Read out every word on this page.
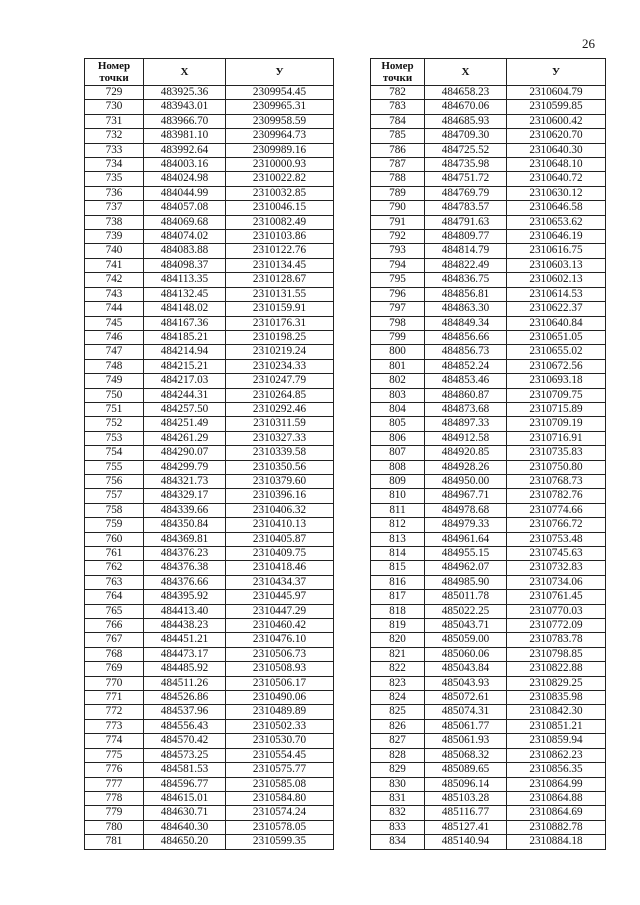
26
Номер
точки	X	У
729	483925.36	2309954.45
730	483943.01	2309965.31
731	483966.70	2309958.59
732	483981.10	2309964.73
733	483992.64	2309989.16
734	484003.16	2310000.93
735	484024.98	2310022.82
736	484044.99	2310032.85
737	484057.08	2310046.15
738	484069.68	2310082.49
739	484074.02	2310103.86
740	484083.88	2310122.76
741	484098.37	2310134.45
742	484113.35	2310128.67
743	484132.45	2310131.55
744	484148.02	2310159.91
745	484167.36	2310176.31
746	484185.21	2310198.25
747	484214.94	2310219.24
748	484215.21	2310234.33
749	484217.03	2310247.79
750	484244.31	2310264.85
751	484257.50	2310292.46
752	484251.49	2310311.59
753	484261.29	2310327.33
754	484290.07	2310339.58
755	484299.79	2310350.56
756	484321.73	2310379.60
757	484329.17	2310396.16
758	484339.66	2310406.32
759	484350.84	2310410.13
760	484369.81	2310405.87
761	484376.23	2310409.75
762	484376.38	2310418.46
763	484376.66	2310434.37
764	484395.92	2310445.97
765	484413.40	2310447.29
766	484438.23	2310460.42
767	484451.21	2310476.10
768	484473.17	2310506.73
769	484485.92	2310508.93
770	484511.26	2310506.17
771	484526.86	2310490.06
772	484537.96	2310489.89
773	484556.43	2310502.33
774	484570.42	2310530.70
775	484573.25	2310554.45
776	484581.53	2310575.77
777	484596.77	2310585.08
778	484615.01	2310584.80
779	484630.71	2310574.24
780	484640.30	2310578.05
781	484650.20	2310599.35
Номер
точки	X	У
782	484658.23	2310604.79
783	484670.06	2310599.85
784	484685.93	2310600.42
785	484709.30	2310620.70
786	484725.52	2310640.30
787	484735.98	2310648.10
788	484751.72	2310640.72
789	484769.79	2310630.12
790	484783.57	2310646.58
791	484791.63	2310653.62
792	484809.77	2310646.19
793	484814.79	2310616.75
794	484822.49	2310603.13
795	484836.75	2310602.13
796	484856.81	2310614.53
797	484863.30	2310622.37
798	484849.34	2310640.84
799	484856.66	2310651.05
800	484856.73	2310655.02
801	484852.24	2310672.56
802	484853.46	2310693.18
803	484860.87	2310709.75
804	484873.68	2310715.89
805	484897.33	2310709.19
806	484912.58	2310716.91
807	484920.85	2310735.83
808	484928.26	2310750.80
809	484950.00	2310768.73
810	484967.71	2310782.76
811	484978.68	2310774.66
812	484979.33	2310766.72
813	484961.64	2310753.48
814	484955.15	2310745.63
815	484962.07	2310732.83
816	484985.90	2310734.06
817	485011.78	2310761.45
818	485022.25	2310770.03
819	485043.71	2310772.09
820	485059.00	2310783.78
821	485060.06	2310798.85
822	485043.84	2310822.88
823	485043.93	2310829.25
824	485072.61	2310835.98
825	485074.31	2310842.30
826	485061.77	2310851.21
827	485061.93	2310859.94
828	485068.32	2310862.23
829	485089.65	2310856.35
830	485096.14	2310864.99
831	485103.28	2310864.88
832	485116.77	2310864.69
833	485127.41	2310882.78
834	485140.94	2310884.18
